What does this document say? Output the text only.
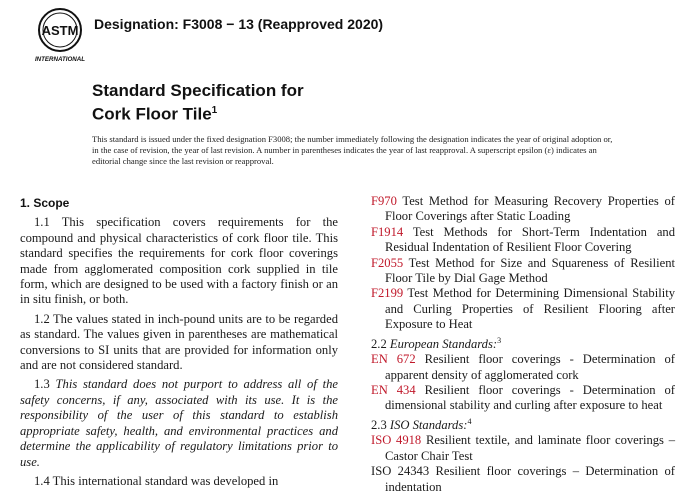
ASTM
INTERNATIONAL
Designation: F3008 − 13 (Reapproved 2020)
Standard Specification for
Cork Floor Tile$^1$
This standard is issued under the fixed designation F3008; the number immediately following the designation indicates the year of original adoption or, in the case of revision, the year of last revision. A number in parentheses indicates the year of last reapproval. A superscript epsilon (ε) indicates an editorial change since the last revision or reapproval.
1. Scope
1.1 This specification covers requirements for the compound and physical characteristics of cork floor tile. This standard specifies the requirements for cork floor coverings made from agglomerated composition cork supplied in tile form, which are designed to be used with a factory finish or an in situ finish, or both.
1.2 The values stated in inch-pound units are to be regarded as standard. The values given in parentheses are mathematical conversions to SI units that are provided for information only and are not considered standard.
1.3 This standard does not purport to address all of the safety concerns, if any, associated with its use. It is the responsibility of the user of this standard to establish appropriate safety, health, and environmental practices and determine the applicability of regulatory limitations prior to use.
1.4 This international standard was developed in
F970 Test Method for Measuring Recovery Properties of Floor Coverings after Static Loading
F1914 Test Methods for Short-Term Indentation and Residual Indentation of Resilient Floor Covering
F2055 Test Method for Size and Squareness of Resilient Floor Tile by Dial Gage Method
F2199 Test Method for Determining Dimensional Stability and Curling Properties of Resilient Flooring after Exposure to Heat
2.2 European Standards:$^3$
EN 672 Resilient floor coverings - Determination of apparent density of agglomerated cork
EN 434 Resilient floor coverings - Determination of dimensional stability and curling after exposure to heat
2.3 ISO Standards:$^4$
ISO 4918 Resilient textile, and laminate floor coverings – Castor Chair Test
ISO 24343 Resilient floor coverings – Determination of indentation
